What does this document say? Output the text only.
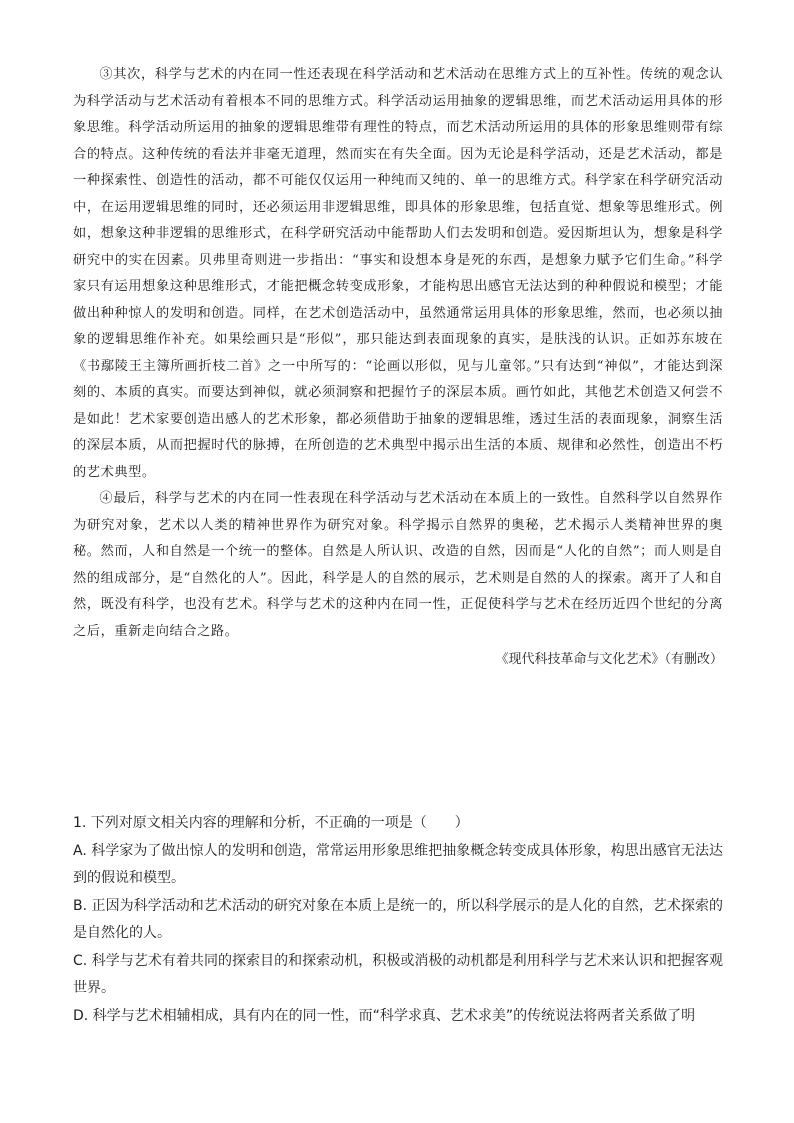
③其次，科学与艺术的内在同一性还表现在科学活动和艺术活动在思维方式上的互补性。传统的观念认为科学活动与艺术活动有着根本不同的思维方式。科学活动运用抽象的逻辑思维，而艺术活动运用具体的形象思维。科学活动所运用的抽象的逻辑思维带有理性的特点，而艺术活动所运用的具体的形象思维则带有综合的特点。这种传统的看法并非毫无道理，然而实在有失全面。因为无论是科学活动，还是艺术活动，都是一种探索性、创造性的活动，都不可能仅仅运用一种纯而又纯的、单一的思维方式。科学家在科学研究活动中，在运用逻辑思维的同时，还必须运用非逻辑思维，即具体的形象思维，包括直觉、想象等思维形式。例如，想象这种非逻辑的思维形式，在科学研究活动中能帮助人们去发明和创造。爱因斯坦认为，想象是科学研究中的实在因素。贝弗里奇则进一步指出：“事实和设想本身是死的东西，是想象力赋予它们生命。”科学家只有运用想象这种思维形式，才能把概念转变成形象，才能构思出感官无法达到的种种假说和模型；才能做出种种惊人的发明和创造。同样，在艺术创造活动中，虽然通常运用具体的形象思维，然而，也必须以抽象的逻辑思维作补充。如果绘画只是“形似”，那只能达到表面现象的真实，是肤浅的认识。正如苏东坡在《书鄢陵王主簿所画折枝二首》之一中所写的：“论画以形似，见与儿童邻。”只有达到“神似”，才能达到深刻的、本质的真实。而要达到神似，就必须洞察和把握竹子的深层本质。画竹如此，其他艺术创造又何尝不是如此！艺术家要创造出感人的艺术形象，都必须借助于抽象的逻辑思维，透过生活的表面现象，洞察生活的深层本质，从而把握时代的脉搏，在所创造的艺术典型中揭示出生活的本质、规律和必然性，创造出不朽的艺术典型。

④最后，科学与艺术的内在同一性表现在科学活动与艺术活动在本质上的一致性。自然科学以自然界作为研究对象，艺术以人类的精神世界作为研究对象。科学揭示自然界的奥秘，艺术揭示人类精神世界的奥秘。然而，人和自然是一个统一的整体。自然是人所认识、改造的自然，因而是“人化的自然”；而人则是自然的组成部分，是“自然化的人”。因此，科学是人的自然的展示，艺术则是自然的人的探索。离开了人和自然，既没有科学，也没有艺术。科学与艺术的这种内在同一性，正促使科学与艺术在经历近四个世纪的分离之后，重新走向结合之路。

《现代科技革命与文化艺术》（有删改）

1. 下列对原文相关内容的理解和分析，不正确的一项是（　　）

A. 科学家为了做出惊人的发明和创造，常常运用形象思维把抽象概念转变成具体形象，构思出感官无法达到的假说和模型。

B. 正因为科学活动和艺术活动的研究对象在本质上是统一的，所以科学展示的是人化的自然，艺术探索的是自然化的人。

C. 科学与艺术有着共同的探索目的和探索动机，积极或消极的动机都是利用科学与艺术来认识和把握客观世界。

D. 科学与艺术相辅相成，具有内在的同一性，而“科学求真、艺术求美”的传统说法将两者关系做了明
